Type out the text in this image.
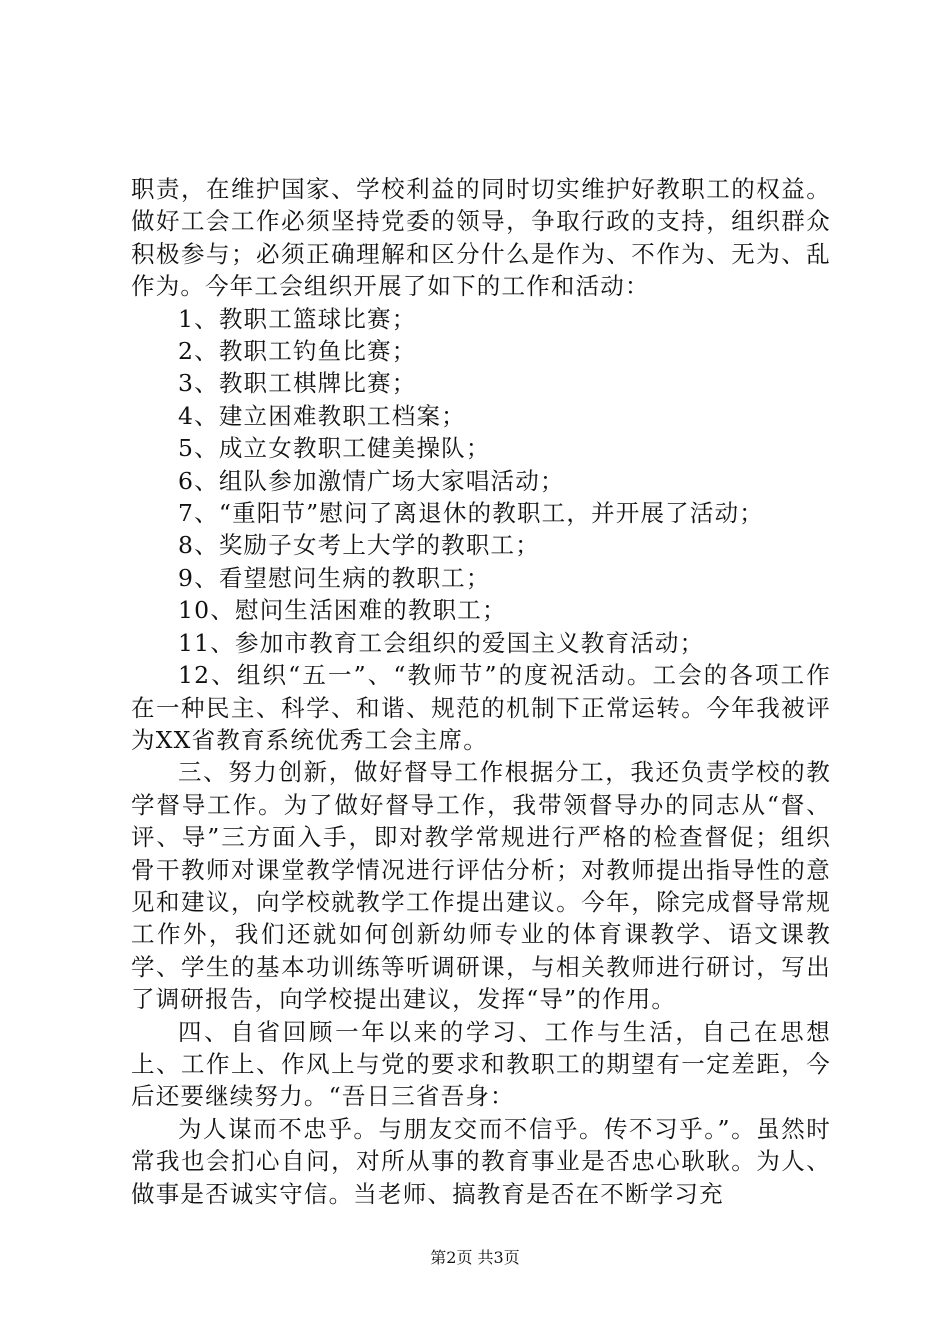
职责，在维护国家、学校利益的同时切实维护好教职工的权益。做好工会工作必须坚持党委的领导，争取行政的支持，组织群众积极参与；必须正确理解和区分什么是作为、不作为、无为、乱作为。今年工会组织开展了如下的工作和活动：

1、教职工篮球比赛；

2、教职工钓鱼比赛；

3、教职工棋牌比赛；

4、建立困难教职工档案；

5、成立女教职工健美操队；

6、组队参加激情广场大家唱活动；

7、“重阳节”慰问了离退休的教职工，并开展了活动；

8、奖励子女考上大学的教职工；

9、看望慰问生病的教职工；

10、慰问生活困难的教职工；

11、参加市教育工会组织的爱国主义教育活动；

12、组织“五一”、“教师节”的度祝活动。工会的各项工作在一种民主、科学、和谐、规范的机制下正常运转。今年我被评为XX省教育系统优秀工会主席。

三、努力创新，做好督导工作根据分工，我还负责学校的教学督导工作。为了做好督导工作，我带领督导办的同志从“督、评、导”三方面入手，即对教学常规进行严格的检查督促；组织骨干教师对课堂教学情况进行评估分析；对教师提出指导性的意见和建议，向学校就教学工作提出建议。今年，除完成督导常规工作外，我们还就如何创新幼师专业的体育课教学、语文课教学、学生的基本功训练等听调研课，与相关教师进行研讨，写出了调研报告，向学校提出建议，发挥“导”的作用。

四、自省回顾一年以来的学习、工作与生活，自己在思想上、工作上、作风上与党的要求和教职工的期望有一定差距，今后还要继续努力。“吾日三省吾身：

为人谋而不忠乎。与朋友交而不信乎。传不习乎。”。虽然时常我也会扪心自问，对所从事的教育事业是否忠心耿耿。为人、做事是否诚实守信。当老师、搞教育是否在不断学习充

第2页 共3页
